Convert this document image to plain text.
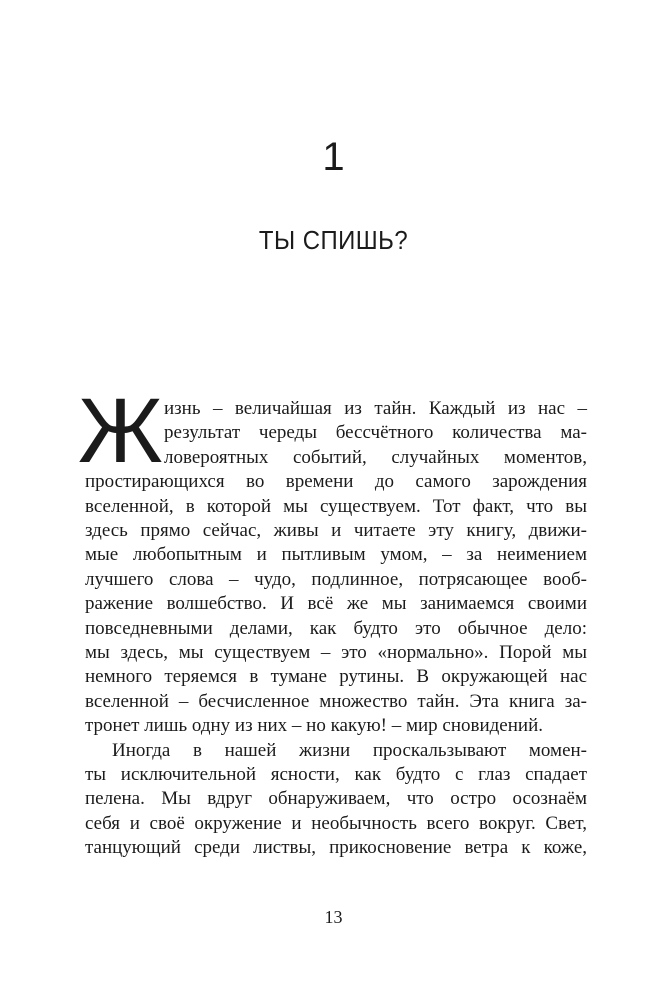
1
ТЫ СПИШЬ?
Ж изнь – величайшая из тайн. Каждый из нас –
результат череды бессчётного количества ма-
ловероятных событий, случайных моментов,
простирающихся во времени до самого зарождения
вселенной, в которой мы существуем. Тот факт, что вы
здесь прямо сейчас, живы и читаете эту книгу, движи-
мые любопытным и пытливым умом, – за неимением
лучшего слова – чудо, подлинное, потрясающее вооб-
ражение волшебство. И всё же мы занимаемся своими
повседневными делами, как будто это обычное дело:
мы здесь, мы существуем – это «нормально». Порой мы
немного теряемся в тумане рутины. В окружающей нас
вселенной – бесчисленное множество тайн. Эта книга за-
тронет лишь одну из них – но какую! – мир сновидений.
Иногда в нашей жизни проскальзывают момен-
ты исключительной ясности, как будто с глаз спадает
пелена. Мы вдруг обнаруживаем, что остро осознаём
себя и своё окружение и необычность всего вокруг. Свет,
танцующий среди листвы, прикосновение ветра к коже,
13
